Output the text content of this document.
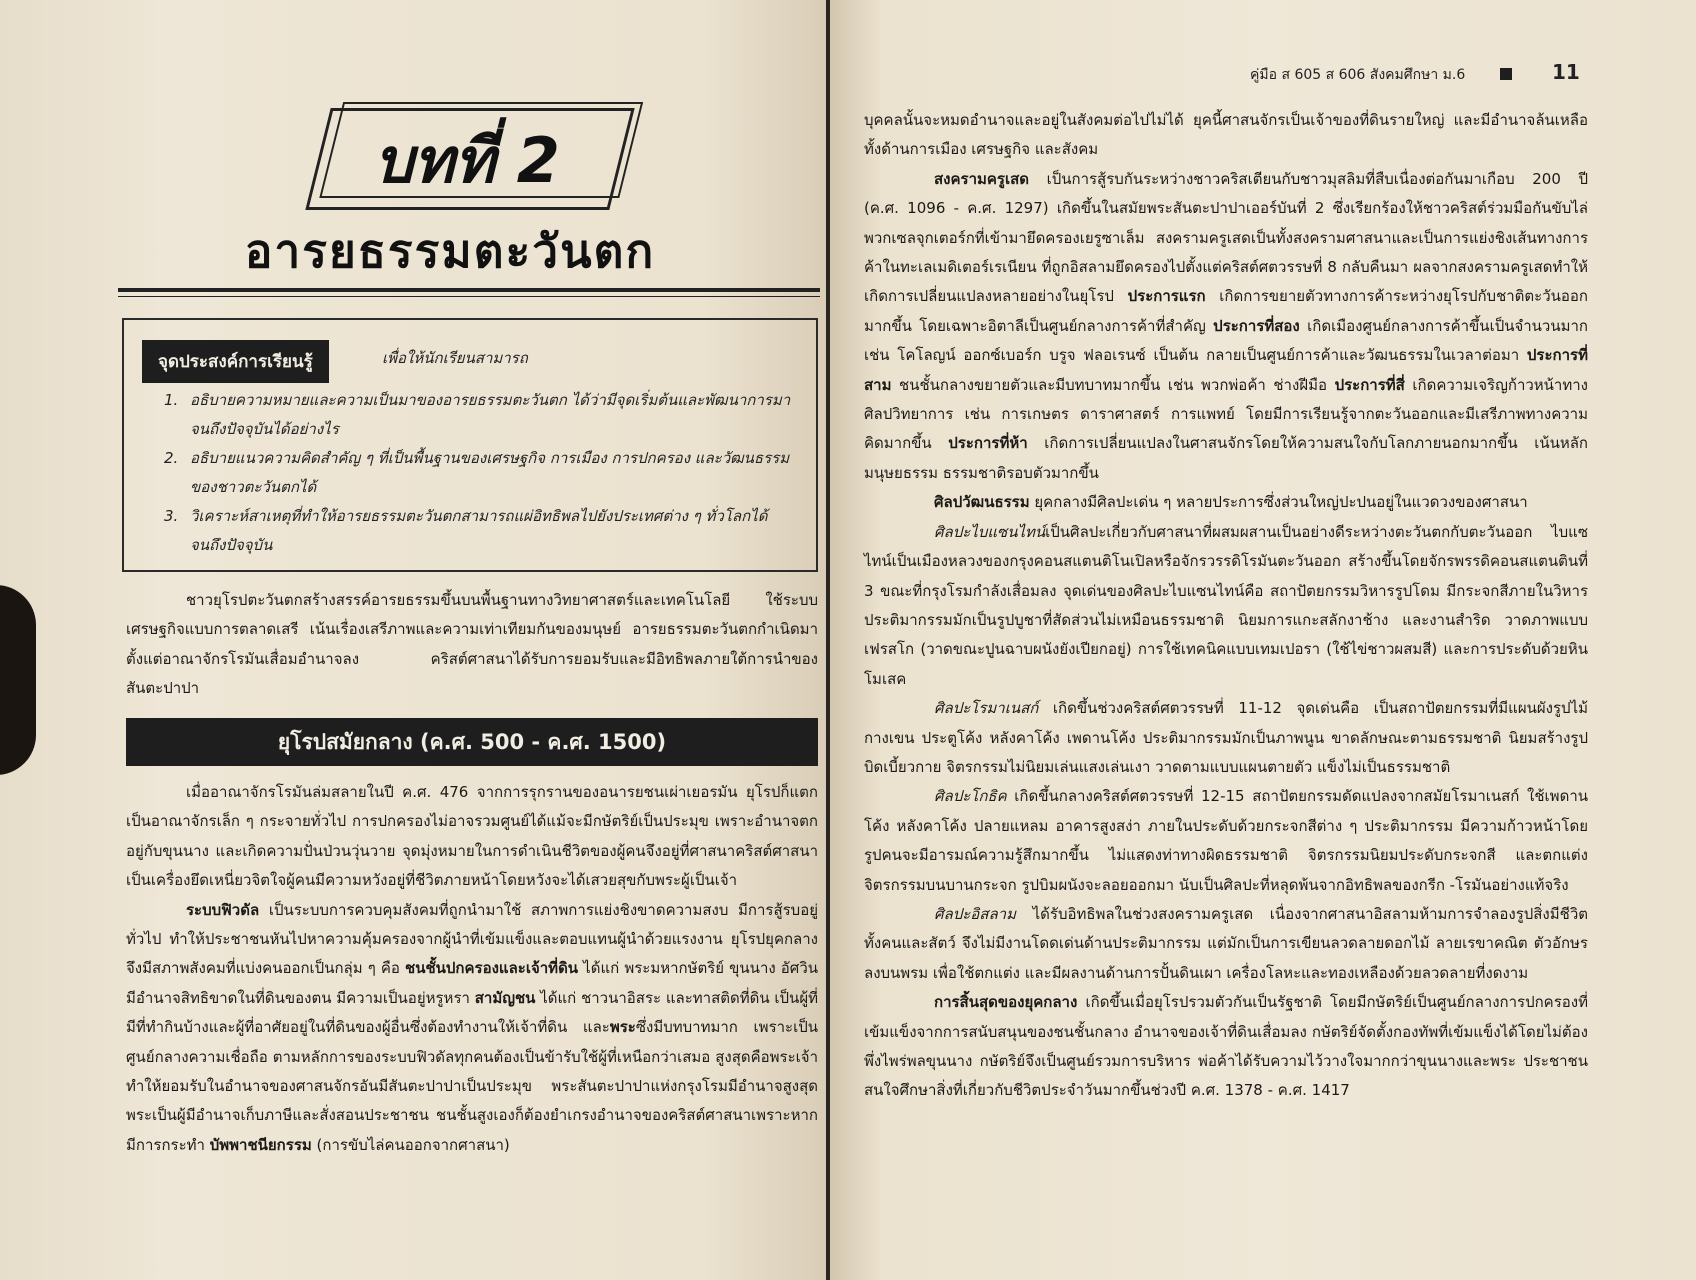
บทที่ 2
อารยธรรมตะวันตก
จุดประสงค์การเรียนรู้	เพื่อให้นักเรียนสามารถ
1. อธิบายความหมายและความเป็นมาของอารยธรรมตะวันตก ได้ว่ามีจุดเริ่มต้นและพัฒนาการมาจนถึงปัจจุบันได้อย่างไร
2. อธิบายแนวความคิดสำคัญ ๆ ที่เป็นพื้นฐานของเศรษฐกิจ การเมือง การปกครอง และวัฒนธรรมของชาวตะวันตกได้
3. วิเคราะห์สาเหตุที่ทำให้อารยธรรมตะวันตกสามารถแผ่อิทธิพลไปยังประเทศต่าง ๆ ทั่วโลกได้จนถึงปัจจุบัน
ชาวยุโรปตะวันตกสร้างสรรค์อารยธรรมขึ้นบนพื้นฐานทางวิทยาศาสตร์และเทคโนโลยี ใช้ระบบเศรษฐกิจแบบการตลาดเสรี เน้นเรื่องเสรีภาพและความเท่าเทียมกันของมนุษย์ อารยธรรมตะวันตกกำเนิดมาตั้งแต่อาณาจักรโรมันเสื่อมอำนาจลง คริสต์ศาสนาได้รับการยอมรับและมีอิทธิพลภายใต้การนำของสันตะปาปา
ยุโรปสมัยกลาง (ค.ศ. 500 - ค.ศ. 1500)

เมื่ออาณาจักรโรมันล่มสลายในปี ค.ศ. 476 จากการรุกรานของอนารยชนเผ่าเยอรมัน ยุโรปก็แตกเป็นอาณาจักรเล็ก ๆ กระจายทั่วไป การปกครองไม่อาจรวมศูนย์ได้แม้จะมีกษัตริย์เป็นประมุข เพราะอำนาจตกอยู่กับขุนนาง และเกิดความปั่นป่วนวุ่นวาย จุดมุ่งหมายในการดำเนินชีวิตของผู้คนจึงอยู่ที่ศาสนาคริสต์ศาสนาเป็นเครื่องยึดเหนี่ยวจิตใจผู้คนมีความหวังอยู่ที่ชีวิตภายหน้าโดยหวังจะได้เสวยสุขกับพระผู้เป็นเจ้า

ระบบฟิวดัล เป็นระบบการควบคุมสังคมที่ถูกนำมาใช้ สภาพการแย่งชิงขาดความสงบ มีการสู้รบอยู่ทั่วไป ทำให้ประชาชนหันไปหาความคุ้มครองจากผู้นำที่เข้มแข็งและตอบแทนผู้นำด้วยแรงงาน ยุโรปยุคกลางจึงมีสภาพสังคมที่แบ่งคนออกเป็นกลุ่ม ๆ คือ ชนชั้นปกครองและเจ้าที่ดิน ได้แก่ พระมหากษัตริย์ ขุนนาง อัศวิน มีอำนาจสิทธิขาดในที่ดินของตน มีความเป็นอยู่หรูหรา สามัญชน ได้แก่ ชาวนาอิสระ และทาสติดที่ดิน เป็นผู้ที่มีที่ทำกินบ้างและผู้ที่อาศัยอยู่ในที่ดินของผู้อื่นซึ่งต้องทำงานให้เจ้าที่ดิน และพระซึ่งมีบทบาทมาก เพราะเป็นศูนย์กลางความเชื่อถือ ตามหลักการของระบบฟิวดัลทุกคนต้องเป็นข้ารับใช้ผู้ที่เหนือกว่าเสมอ สูงสุดคือพระเจ้า ทำให้ยอมรับในอำนาจของศาสนจักรอันมีสันตะปาปาเป็นประมุข พระสันตะปาปาแห่งกรุงโรมมีอำนาจสูงสุด พระเป็นผู้มีอำนาจเก็บภาษีและสั่งสอนประชาชน ชนชั้นสูงเองก็ต้องยำเกรงอำนาจของคริสต์ศาสนาเพราะหากมีการกระทำ บัพพาชนียกรรม (การขับไล่คนออกจากศาสนา)

คู่มือ ส 605 ส 606 สังคมศึกษา ม.6	11

บุคคลนั้นจะหมดอำนาจและอยู่ในสังคมต่อไปไม่ได้ ยุคนี้ศาสนจักรเป็นเจ้าของที่ดินรายใหญ่ และมีอำนาจล้นเหลือ ทั้งด้านการเมือง เศรษฐกิจ และสังคม

สงครามครูเสด เป็นการสู้รบกันระหว่างชาวคริสเตียนกับชาวมุสลิมที่สืบเนื่องต่อกันมาเกือบ 200 ปี (ค.ศ. 1096 - ค.ศ. 1297) เกิดขึ้นในสมัยพระสันตะปาปาเออร์บันที่ 2 ซึ่งเรียกร้องให้ชาวคริสต์ร่วมมือกันขับไล่พวกเซลจุกเตอร์กที่เข้ามายึดครองเยรูซาเล็ม สงครามครูเสดเป็นทั้งสงครามศาสนาและเป็นการแย่งชิงเส้นทางการค้าในทะเลเมดิเตอร์เรเนียน ที่ถูกอิสลามยึดครองไปตั้งแต่คริสต์ศตวรรษที่ 8 กลับคืนมา ผลจากสงครามครูเสดทำให้เกิดการเปลี่ยนแปลงหลายอย่างในยุโรป ประการแรก เกิดการขยายตัวทางการค้าระหว่างยุโรปกับชาติตะวันออกมากขึ้น โดยเฉพาะอิตาลีเป็นศูนย์กลางการค้าที่สำคัญ ประการที่สอง เกิดเมืองศูนย์กลางการค้าขึ้นเป็นจำนวนมาก เช่น โคโลญน์ ออกซ์เบอร์ก บรูจ ฟลอเรนซ์ เป็นต้น กลายเป็นศูนย์การค้าและวัฒนธรรมในเวลาต่อมา ประการที่สาม ชนชั้นกลางขยายตัวและมีบทบาทมากขึ้น เช่น พวกพ่อค้า ช่างฝีมือ ประการที่สี่ เกิดความเจริญก้าวหน้าทางศิลปวิทยาการ เช่น การเกษตร ดาราศาสตร์ การแพทย์ โดยมีการเรียนรู้จากตะวันออกและมีเสรีภาพทางความคิดมากขึ้น ประการที่ห้า เกิดการเปลี่ยนแปลงในศาสนจักรโดยให้ความสนใจกับโลกภายนอกมากขึ้น เน้นหลักมนุษยธรรม ธรรมชาติรอบตัวมากขึ้น

ศิลปวัฒนธรรม ยุคกลางมีศิลปะเด่น ๆ หลายประการซึ่งส่วนใหญ่ปะปนอยู่ในแวดวงของศาสนา

ศิลปะไบแซนไทน์เป็นศิลปะเกี่ยวกับศาสนาที่ผสมผสานเป็นอย่างดีระหว่างตะวันตกกับตะวันออก ไบแซไทน์เป็นเมืองหลวงของกรุงคอนสแตนติโนเปิลหรือจักรวรรดิโรมันตะวันออก สร้างขึ้นโดยจักรพรรดิคอนสแตนตินที่ 3 ขณะที่กรุงโรมกำลังเสื่อมลง จุดเด่นของศิลปะไบแซนไทน์คือ สถาปัตยกรรมวิหารรูปโดม มีกระจกสีภายในวิหาร ประติมากรรมมักเป็นรูปบูชาที่สัดส่วนไม่เหมือนธรรมชาติ นิยมการแกะสลักงาช้าง และงานสำริด วาดภาพแบบเฟรสโก (วาดขณะปูนฉาบผนังยังเปียกอยู่) การใช้เทคนิคแบบเทมเปอรา (ใช้ไข่ชาวผสมสี) และการประดับด้วยหินโมเสค

ศิลปะโรมาเนสก์ เกิดขึ้นช่วงคริสต์ศตวรรษที่ 11-12 จุดเด่นคือ เป็นสถาปัตยกรรมที่มีแผนผังรูปไม้กางเขน ประตูโค้ง หลังคาโค้ง เพดานโค้ง ประติมากรรมมักเป็นภาพนูน ขาดลักษณะตามธรรมชาติ นิยมสร้างรูปบิดเบี้ยวกาย จิตรกรรมไม่นิยมเล่นแสงเล่นเงา วาดตามแบบแผนตายตัว แข็งไม่เป็นธรรมชาติ

ศิลปะโกธิค เกิดขึ้นกลางคริสต์ศตวรรษที่ 12-15 สถาปัตยกรรมดัดแปลงจากสมัยโรมาเนสก์ ใช้เพดานโค้ง หลังคาโค้ง ปลายแหลม อาคารสูงสง่า ภายในประดับด้วยกระจกสีต่าง ๆ ประติมากรรม มีความก้าวหน้าโดยรูปคนจะมีอารมณ์ความรู้สึกมากขึ้น ไม่แสดงท่าทางผิดธรรมชาติ จิตรกรรมนิยมประดับกระจกสี และตกแต่งจิตรกรรมบนบานกระจก รูปบิมผนังจะลอยออกมา นับเป็นศิลปะที่หลุดพ้นจากอิทธิพลของกรีก -โรมันอย่างแท้จริง

ศิลปะอิสลาม ได้รับอิทธิพลในช่วงสงครามครูเสด เนื่องจากศาสนาอิสลามห้ามการจำลองรูปสิ่งมีชีวิตทั้งคนและสัตว์ จึงไม่มีงานโดดเด่นด้านประติมากรรม แต่มักเป็นการเขียนลวดลายดอกไม้ ลายเรขาคณิต ตัวอักษรลงบนพรม เพื่อใช้ตกแต่ง และมีผลงานด้านการปั้นดินเผา เครื่องโลหะและทองเหลืองด้วยลวดลายที่งดงาม

การสิ้นสุดของยุคกลาง เกิดขึ้นเมื่อยุโรปรวมตัวกันเป็นรัฐชาติ โดยมีกษัตริย์เป็นศูนย์กลางการปกครองที่เข้มแข็งจากการสนับสนุนของชนชั้นกลาง อำนาจของเจ้าที่ดินเสื่อมลง กษัตริย์จัดตั้งกองทัพที่เข้มแข็งได้โดยไม่ต้องพึ่งไพร่พลขุนนาง กษัตริย์จึงเป็นศูนย์รวมการบริหาร พ่อค้าได้รับความไว้วางใจมากกว่าขุนนางและพระ ประชาชนสนใจศึกษาสิ่งที่เกี่ยวกับชีวิตประจำวันมากขึ้นช่วงปี ค.ศ. 1378 - ค.ศ. 1417
